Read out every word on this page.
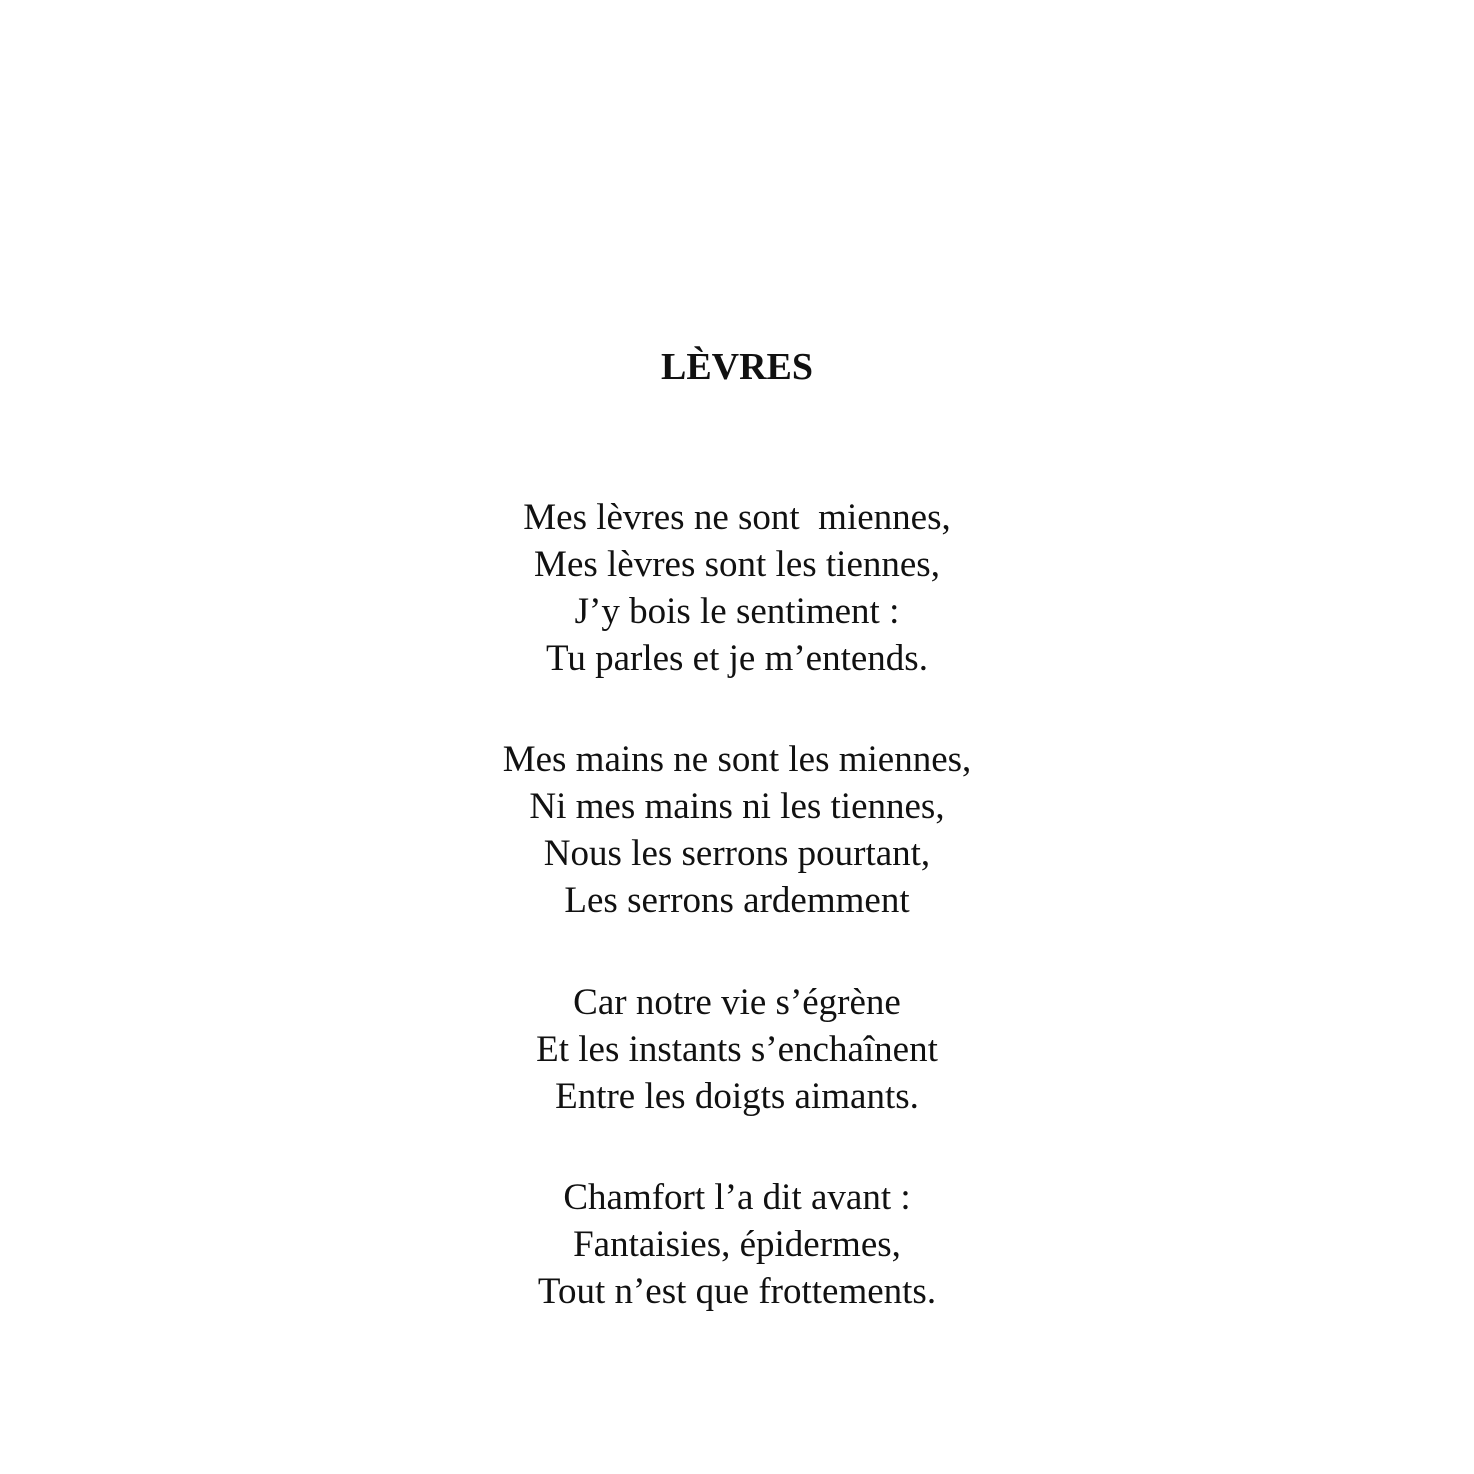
LÈVRES
Mes lèvres ne sont  miennes,
Mes lèvres sont les tiennes,
J’y bois le sentiment :
Tu parles et je m’entends.
Mes mains ne sont les miennes,
Ni mes mains ni les tiennes,
Nous les serrons pourtant,
Les serrons ardemment
Car notre vie s’égrène
Et les instants s’enchaînent
Entre les doigts aimants.
Chamfort l’a dit avant :
Fantaisies, épidermes,
Tout n’est que frottements.
